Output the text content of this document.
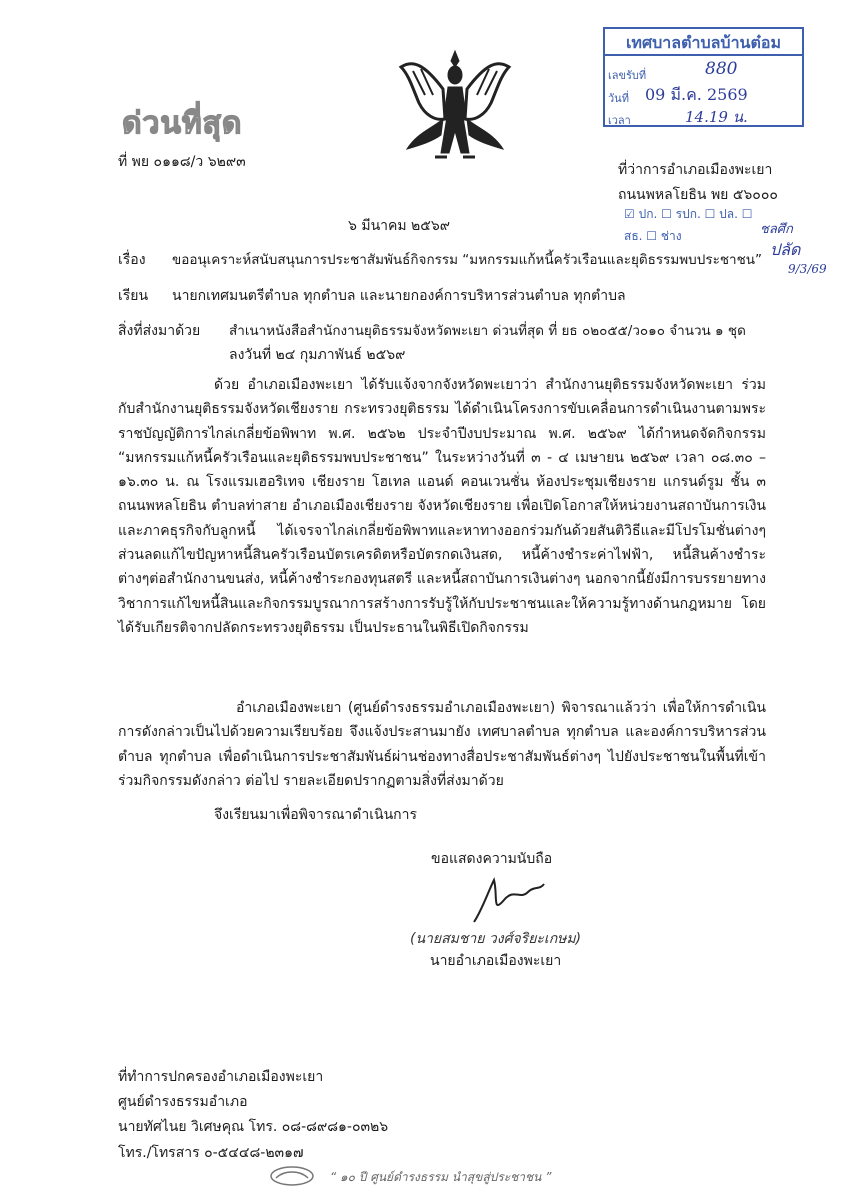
ด่วนที่สุด
ที่ พย ๐๑๑๘/ว ๖๒๙๓
เทศบาลตำบลบ้านต๋อม
เลขรับที่	880
วันที่ 09 มี.ค. 2569
เวลา	14.19 น.
ที่ว่าการอำเภอเมืองพะเยา
ถนนพหลโยธิน พย ๕๖๐๐๐
☑ ปก. ☐ รปก. ☐ ปล. ☐ สธ. ☐ ช่าง	ชลศึก
ปลัด
9/3/69
๖ มีนาคม ๒๕๖๙
เรื่อง ขออนุเคราะห์สนับสนุนการประชาสัมพันธ์กิจกรรม “มหกรรมแก้หนี้ครัวเรือนและยุติธรรมพบประชาชน”
เรียน นายกเทศมนตรีตำบล ทุกตำบล และนายกองค์การบริหารส่วนตำบล ทุกตำบล
สิ่งที่ส่งมาด้วย สำเนาหนังสือสำนักงานยุติธรรมจังหวัดพะเยา ด่วนที่สุด ที่ ยธ ๐๒๐๕๕/ว๐๑๐ จำนวน ๑ ชุด
ลงวันที่ ๒๔ กุมภาพันธ์ ๒๕๖๙
ด้วย อำเภอเมืองพะเยา ได้รับแจ้งจากจังหวัดพะเยาว่า สำนักงานยุติธรรมจังหวัดพะเยา ร่วมกับสำนักงานยุติธรรมจังหวัดเชียงราย กระทรวงยุติธรรม ได้ดำเนินโครงการขับเคลื่อนการดำเนินงานตามพระราชบัญญัติการไกล่เกลี่ยข้อพิพาท พ.ศ. ๒๕๖๒ ประจำปีงบประมาณ พ.ศ. ๒๕๖๙ ได้กำหนดจัดกิจกรรม “มหกรรมแก้หนี้ครัวเรือนและยุติธรรมพบประชาชน” ในระหว่างวันที่ ๓ - ๔ เมษายน ๒๕๖๙ เวลา ๐๘.๓๐ – ๑๖.๓๐ น. ณ โรงแรมเฮอริเทจ เชียงราย โฮเทล แอนด์ คอนเวนชั่น ห้องประชุมเชียงราย แกรนด์รูม ชั้น ๓ ถนนพหลโยธิน ตำบลท่าสาย อำเภอเมืองเชียงราย จังหวัดเชียงราย เพื่อเปิดโอกาสให้หน่วยงานสถาบันการเงิน และภาคธุรกิจกับลูกหนี้ ได้เจรจาไกล่เกลี่ยข้อพิพาทและหาทางออกร่วมกันด้วยสันติวิธีและมีโปรโมชั่นต่างๆ ส่วนลดแก้ไขปัญหาหนี้สินครัวเรือนบัตรเครดิตหรือบัตรกดเงินสด, หนี้ค้างชำระค่าไฟฟ้า, หนี้สินค้างชำระต่างๆต่อสำนักงานขนส่ง, หนี้ค้างชำระกองทุนสตรี และหนี้สถาบันการเงินต่างๆ นอกจากนี้ยังมีการบรรยายทางวิชาการแก้ไขหนี้สินและกิจกรรมบูรณาการสร้างการรับรู้ให้กับประชาชนและให้ความรู้ทางด้านกฎหมาย โดยได้รับเกียรติจากปลัดกระทรวงยุติธรรม เป็นประธานในพิธีเปิดกิจกรรม
อำเภอเมืองพะเยา (ศูนย์ดำรงธรรมอำเภอเมืองพะเยา) พิจารณาแล้วว่า เพื่อให้การดำเนินการดังกล่าวเป็นไปด้วยความเรียบร้อย จึงแจ้งประสานมายัง เทศบาลตำบล ทุกตำบล และองค์การบริหารส่วนตำบล ทุกตำบล เพื่อดำเนินการประชาสัมพันธ์ผ่านช่องทางสื่อประชาสัมพันธ์ต่างๆ ไปยังประชาชนในพื้นที่เข้าร่วมกิจกรรมดังกล่าว ต่อไป รายละเอียดปรากฏตามสิ่งที่ส่งมาด้วย
จึงเรียนมาเพื่อพิจารณาดำเนินการ
ขอแสดงความนับถือ
(นายสมชาย วงศ์จริยะเกษม)
นายอำเภอเมืองพะเยา
ที่ทำการปกครองอำเภอเมืองพะเยา
ศูนย์ดำรงธรรมอำเภอ
นายทัศไนย วิเศษคุณ โทร. ๐๘-๘๙๘๑-๐๓๒๖
โทร./โทรสาร ๐-๕๔๔๘-๒๓๑๗
“ ๑๐ ปี ศูนย์ดำรงธรรม นำสุขสู่ประชาชน ”
